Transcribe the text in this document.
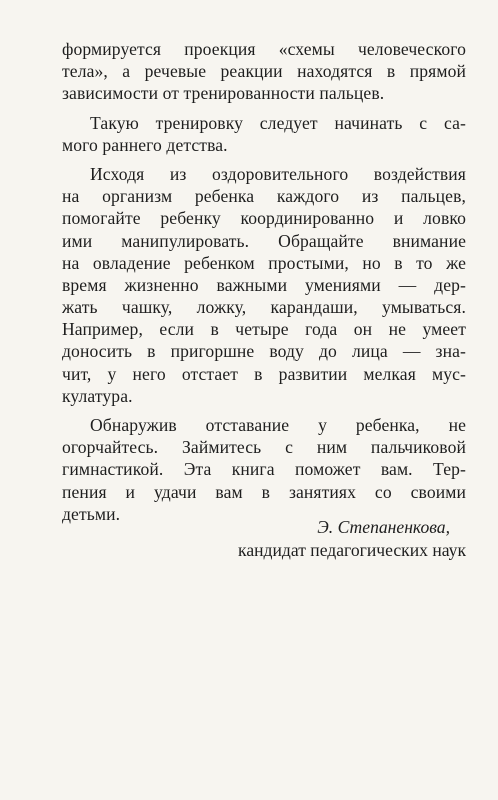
формируется проекция «схемы человеческого
тела», а речевые реакции находятся в прямой
зависимости от тренированности пальцев.
Такую тренировку следует начинать с са-
мого раннего детства.
Исходя из оздоровительного воздействия
на организм ребенка каждого из пальцев,
помогайте ребенку координированно и ловко
ими манипулировать. Обращайте внимание
на овладение ребенком простыми, но в то же
время жизненно важными умениями — дер-
жать чашку, ложку, карандаши, умываться.
Например, если в четыре года он не умеет
доносить в пригоршне воду до лица — зна-
чит, у него отстает в развитии мелкая мус-
кулатура.
Обнаружив отставание у ребенка, не
огорчайтесь. Займитесь с ним пальчиковой
гимнастикой. Эта книга поможет вам. Тер-
пения и удачи вам в занятиях со своими
детьми.
Э. Степаненкова,
кандидат педагогических наук
